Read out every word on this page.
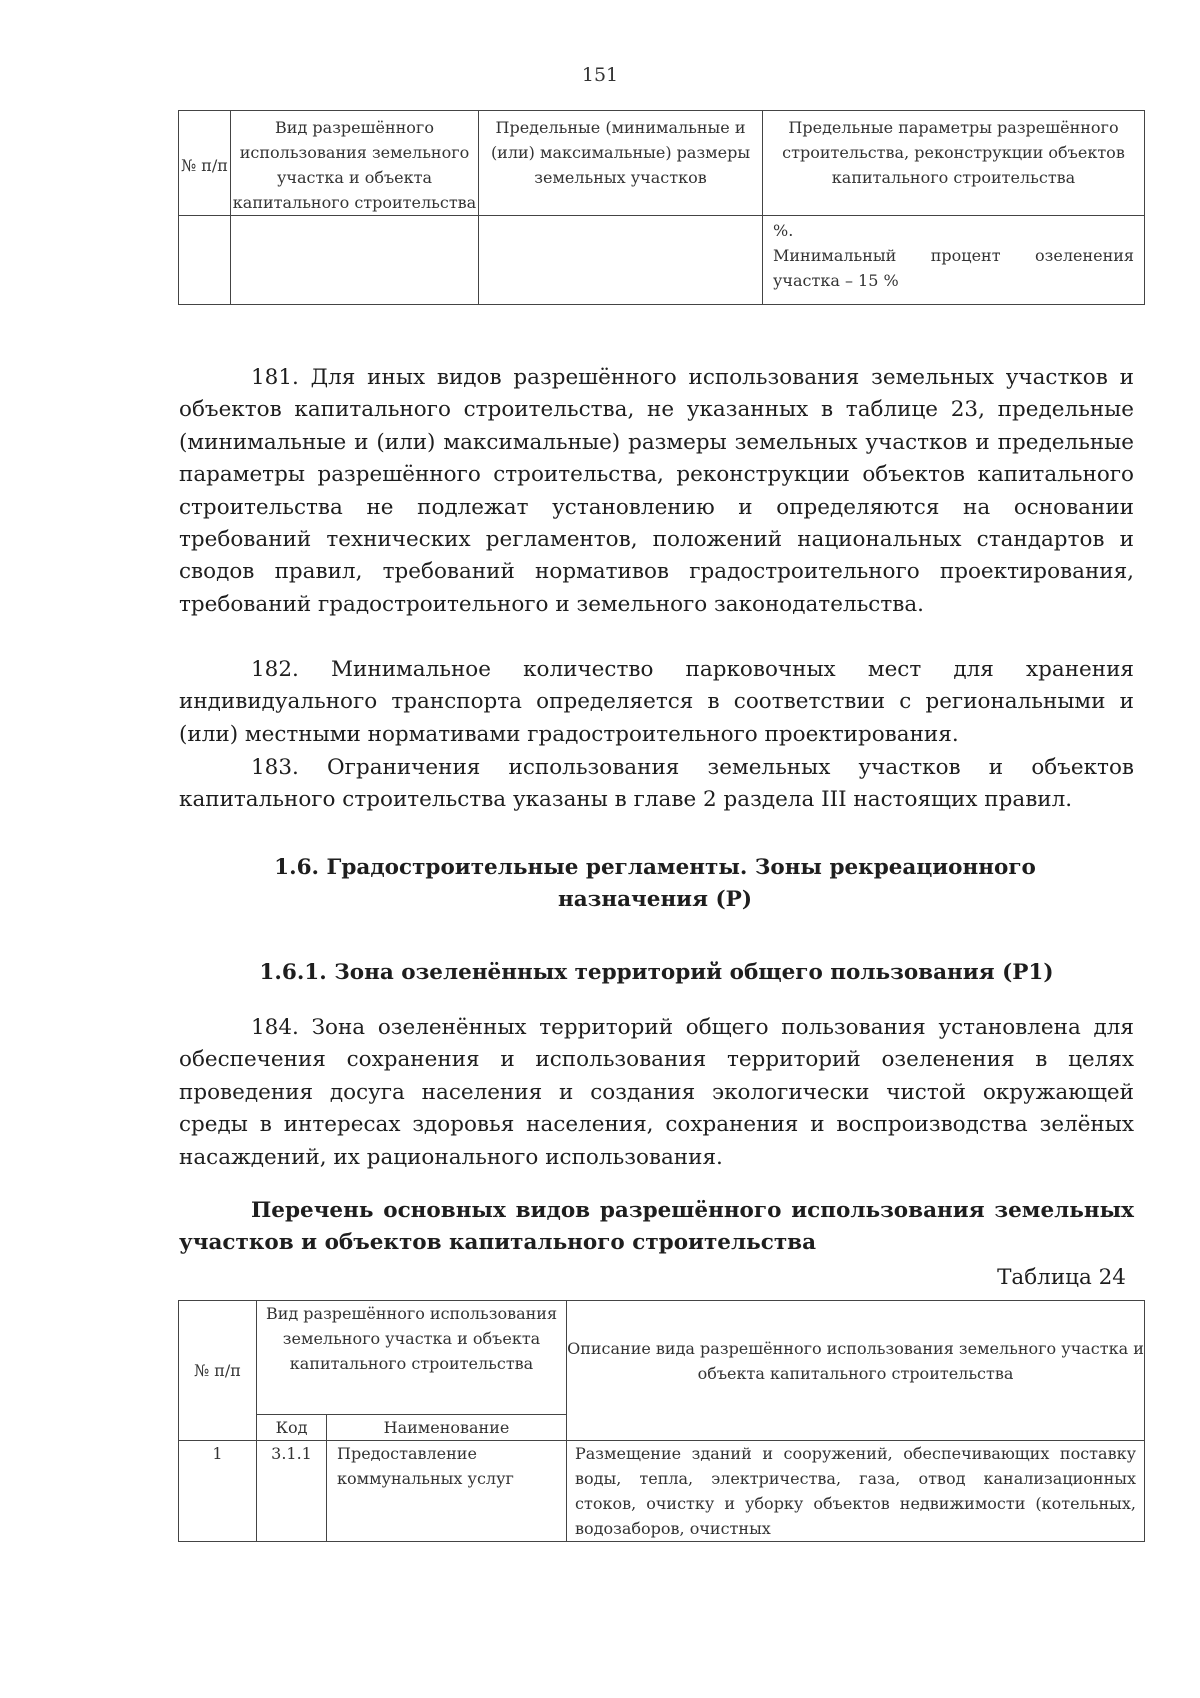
151
№ п/п	Вид разрешённого использования земельного участка и объекта капитального строительства	Предельные (минимальные и (или) максимальные) размеры земельных участков	Предельные параметры разрешённого строительства, реконструкции объектов капитального строительства

			%.
Минимальный процент озеленения участка – 15 %
181. Для иных видов разрешённого использования земельных участков и объектов капитального строительства, не указанных в таблице 23, предельные (минимальные и (или) максимальные) размеры земельных участков и предельные параметры разрешённого строительства, реконструкции объектов капитального строительства не подлежат установлению и определяются на основании требований технических регламентов, положений национальных стандартов и сводов правил, требований нормативов градостроительного проектирования, требований градостроительного и земельного законодательства.
182. Минимальное количество парковочных мест для хранения индивидуального транспорта определяется в соответствии с региональными и (или) местными нормативами градостроительного проектирования.
183. Ограничения использования земельных участков и объектов капитального строительства указаны в главе 2 раздела III настоящих правил.
1.6. Градостроительные регламенты. Зоны рекреационного назначения (Р)
1.6.1. Зона озеленённых территорий общего пользования (Р1)
184. Зона озеленённых территорий общего пользования установлена для обеспечения сохранения и использования территорий озеленения в целях проведения досуга населения и создания экологически чистой окружающей среды в интересах здоровья населения, сохранения и воспроизводства зелёных насаждений, их рационального использования.
Перечень основных видов разрешённого использования земельных участков и объектов капитального строительства
Таблица 24
№ п/п	Вид разрешённого использования земельного участка и объекта капитального строительства		Описание вида разрешённого использования земельного участка и объекта капитального строительства
	Код	Наименование	
1	3.1.1	Предоставление коммунальных услуг	Размещение зданий и сооружений, обеспечивающих поставку воды, тепла, электричества, газа, отвод канализационных стоков, очистку и уборку объектов недвижимости (котельных, водозаборов, очистных
